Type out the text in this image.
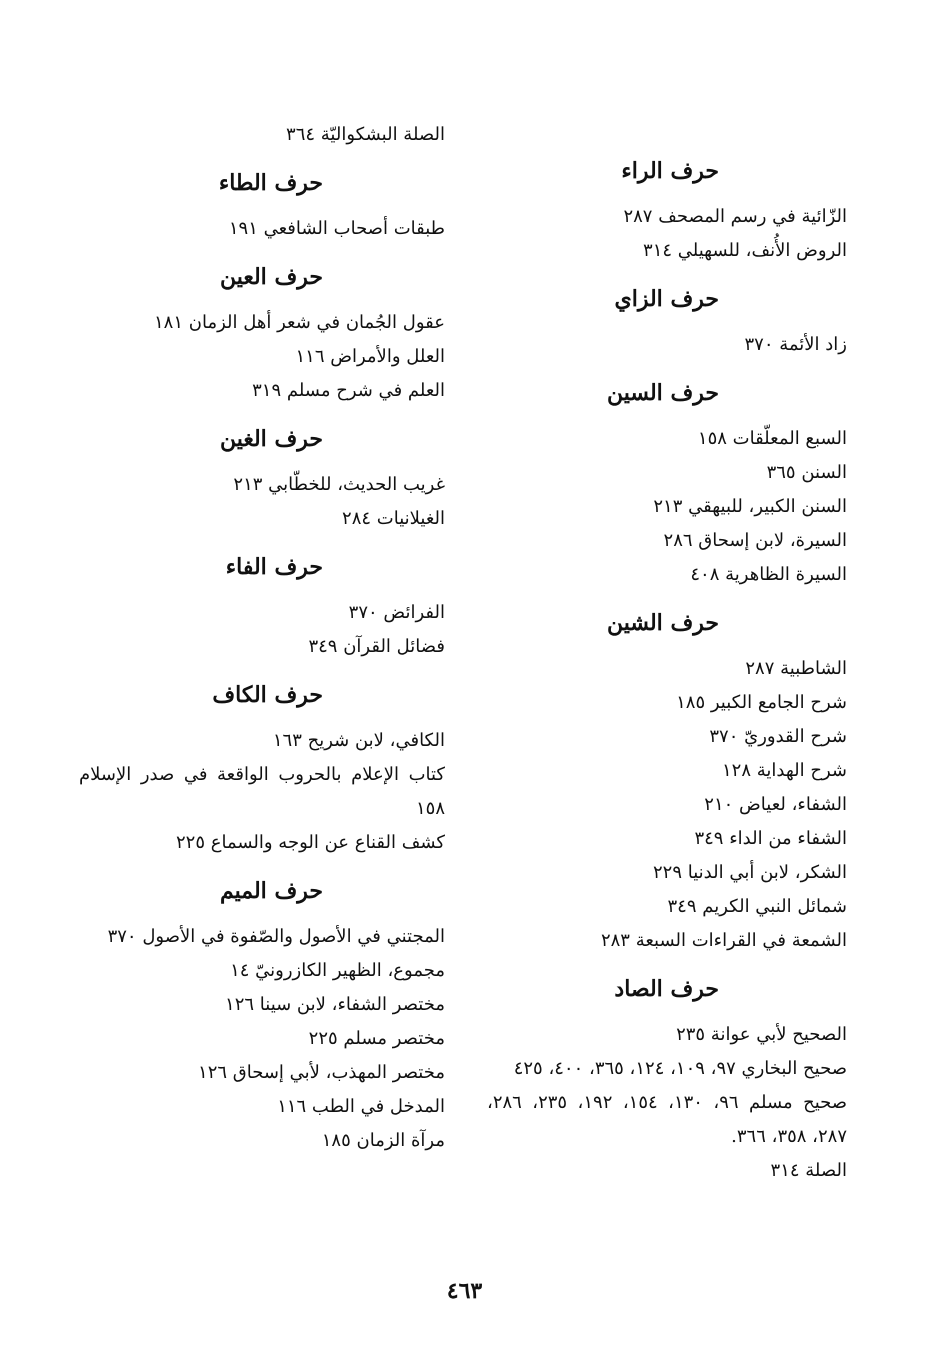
حرف الراء
الزّائية في رسم المصحف ٢٨٧
الروض الأُنف، للسهيلي ٣١٤
حرف الزاي
زاد الأئمة ٣٧٠
حرف السين
السبع المعلّقات ١٥٨
السنن ٣٦٥
السنن الكبير، للبيهقي ٢١٣
السيرة، لابن إسحاق ٢٨٦
السيرة الظاهرية ٤٠٨
حرف الشين
الشاطبية ٢٨٧
شرح الجامع الكبير ١٨٥
شرح القدوريّ ٣٧٠
شرح الهداية ١٢٨
الشفاء، لعياض ٢١٠
الشفاء من الداء ٣٤٩
الشكر، لابن أبي الدنيا ٢٢٩
شمائل النبي الكريم ٣٤٩
الشمعة في القراءات السبعة ٢٨٣
حرف الصاد
الصحيح لأبي عوانة ٢٣٥
صحيح البخاري ٩٧، ١٠٩، ١٢٤، ٣٦٥، ٤٠٠، ٤٢٥
صحيح مسلم ٩٦، ١٣٠، ١٥٤، ١٩٢، ٢٣٥، ٢٨٦، ٢٨٧، ٣٥٨، ٣٦٦.
الصلة ٣١٤
الصلة البشكواليّة ٣٦٤
حرف الطاء
طبقات أصحاب الشافعي ١٩١
حرف العين
عقول الجُمان في شعر أهل الزمان ١٨١
العلل والأمراض ١١٦
العلم في شرح مسلم ٣١٩
حرف الغين
غريب الحديث، للخطّابي ٢١٣
الغيلانيات ٢٨٤
حرف الفاء
الفرائض ٣٧٠
فضائل القرآن ٣٤٩
حرف الكاف
الكافي، لابن شريح ١٦٣
كتاب الإعلام بالحروب الواقعة في صدر الإسلام ١٥٨
كشف القناع عن الوجه والسماع ٢٢٥
حرف الميم
المجتني في الأصول والصّفوة في الأصول ٣٧٠
مجموع، الظهير الكازرونيّ ١٤
مختصر الشفاء، لابن سينا ١٢٦
مختصر مسلم ٢٢٥
مختصر المهذب، لأبي إسحاق ١٢٦
المدخل في الطب ١١٦
مرآة الزمان ١٨٥
٤٦٣
